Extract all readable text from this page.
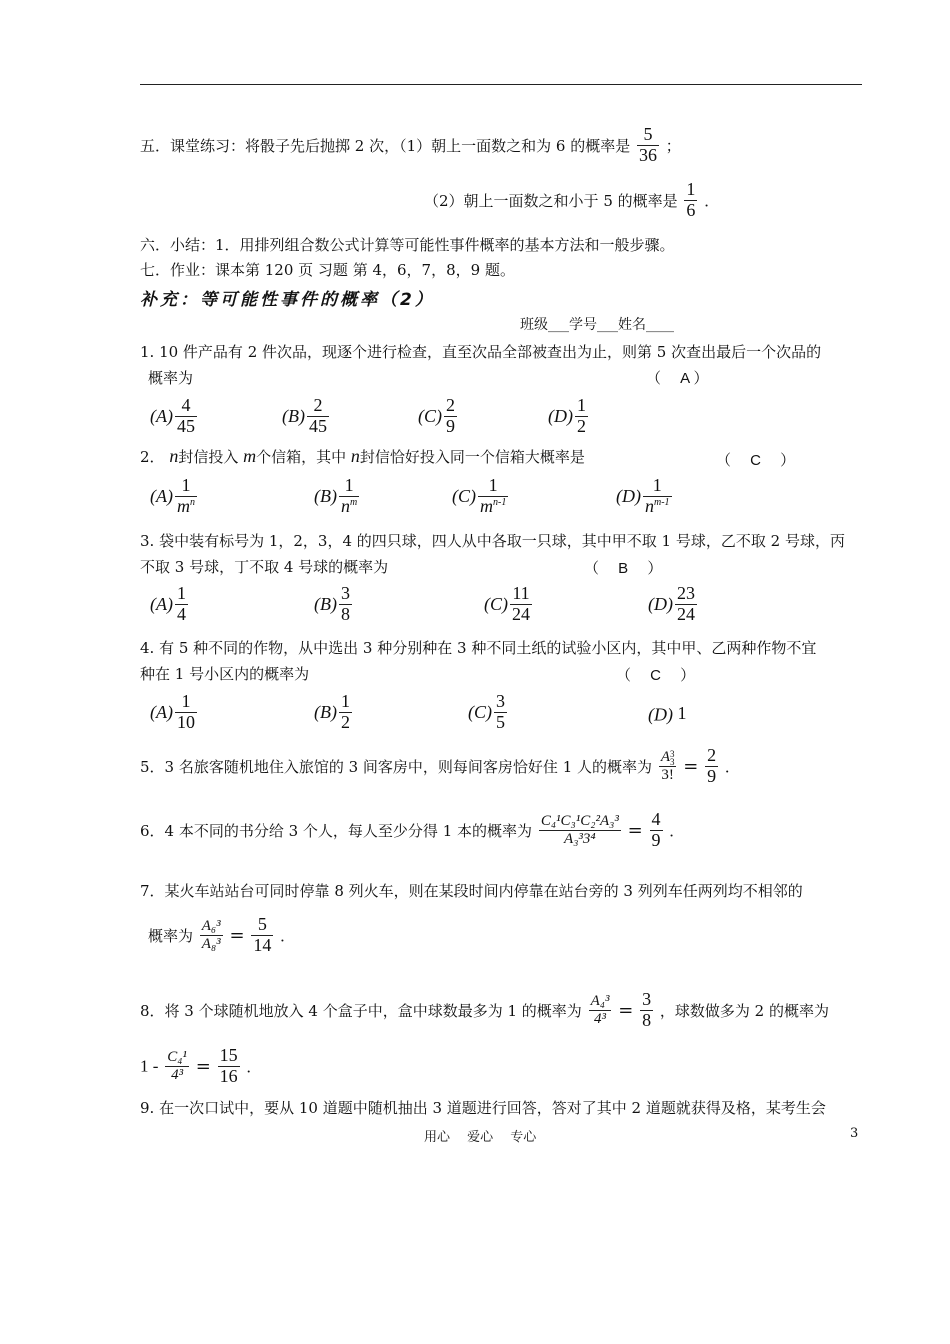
五．课堂练习：将骰子先后抛掷 2 次，（1）朝上一面数之和为 6 的概率是 $\frac{5}{36}$ ；
（2）朝上一面数之和小于 5 的概率是 $\frac{1}{6}$ ．
六．小结：1．用排列组合数公式计算等可能性事件概率的基本方法和一般步骤。
七．作业：课本第 120 页 习题 第 4，6，7，8，9 题。
补充：等可能性事件的概率（2）
班级___学号___姓名____
1. 10 件产品有 2 件次品，现逐个进行检查，直至次品全部被查出为止，则第 5 次查出最后一个次品的
概率为	（　 A ）
$(A) \frac{4}{45}$	$(B) \frac{2}{45}$	$(C) \frac{2}{9}$	$(D) \frac{1}{2}$
2． n封信投入 m个信箱，其中 n封信恰好投入同一个信箱大概率是	（　 C　 ）
$(A) \frac{1}{m^n}$	$(B) \frac{1}{n^m}$	$(C) \frac{1}{m^{n-1}}$	$(D) \frac{1}{n^{m-1}}$
3. 袋中装有标号为 1，2，3，4 的四只球，四人从中各取一只球，其中甲不取 1 号球，乙不取 2 号球，丙
不取 3 号球，丁不取 4 号球的概率为	（　 B　 ）
$(A) \frac{1}{4}$	$(B) \frac{3}{8}$	$(C) \frac{11}{24}$	$(D) \frac{23}{24}$
4. 有 5 种不同的作物，从中选出 3 种分别种在 3 种不同土纸的试验小区内，其中甲、乙两种作物不宜
种在 1 号小区内的概率为	（　 C　 ）
$(A) \frac{1}{10}$	$(B) \frac{1}{2}$	$(C) \frac{3}{5}$	(D) 1
5．3 名旅客随机地住入旅馆的 3 间客房中，则每间客房恰好住 1 人的概率为
A3
3
3! = $\frac{2}{9}$ ．
6．4 本不同的书分给 3 个人，每人至少分得 1 本的概率为 $\frac{\text{C₄¹C₃¹C₂²A₃³}}{\text{A₃³3⁴}} = \frac{4}{9}$ ．
7．某火车站站台可同时停靠 8 列火车，则在某段时间内停靠在站台旁的 3 列列车任两列均不相邻的
概率为 $\frac{\text{A₆³}}{\text{A₈³}} = \frac{5}{14}$ ．
8．将 3 个球随机地放入 4 个盒子中，盒中球数最多为 1 的概率为 $\frac{\text{A₄³}}{\text{4³}} = \frac{3}{8}$ ，球数做多为 2 的概率为
$1 - \frac{\text{C₄¹}}{\text{4³}} = \frac{15}{16}$ ．
9. 在一次口试中，要从 10 道题中随机抽出 3 道题进行回答，答对了其中 2 道题就获得及格，某考生会
用心　 爱心　 专心	3
